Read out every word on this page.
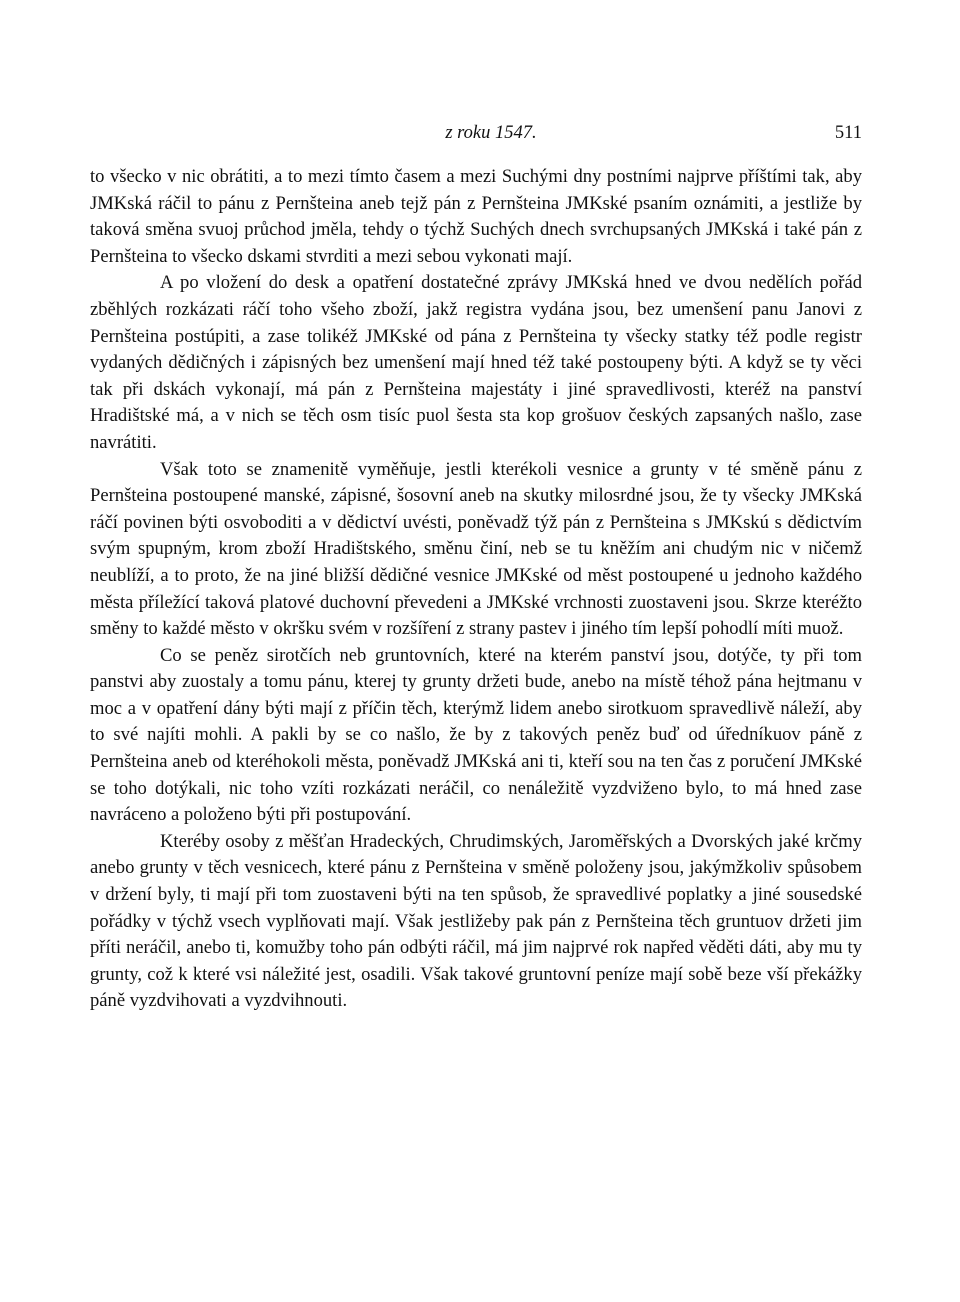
z roku 1547.	511

to všecko v nic obrátiti, a to mezi tímto časem a mezi Suchými dny postními najprve příštími tak, aby JMKská ráčil to pánu z Pernšteina aneb tejž pán z Pernšteina JMKské psaním oznámiti, a jestliže by taková směna svuoj průchod jměla, tehdy o týchž Suchých dnech svrchupsaných JMKská i také pán z Pernšteina to všecko dskami stvrditi a mezi sebou vykonati mají.

A po vložení do desk a opatření dostatečné zprávy JMKská hned ve dvou nedělích pořád zběhlých rozkázati ráčí toho všeho zboží, jakž registra vydána jsou, bez umenšení panu Janovi z Pernšteina postúpiti, a zase tolikéž JMKské od pána z Pernšteina ty všecky statky též podle registr vydaných dědičných i zápisných bez umenšení mají hned též také postoupeny býti. A když se ty věci tak při dskách vykonají, má pán z Pernšteina majestáty i jiné spravedlivosti, kteréž na panství Hradištské má, a v nich se těch osm tisíc puol šesta sta kop grošuov českých zapsaných našlo, zase navrátiti.

Však toto se znamenitě vyměňuje, jestli kterékoli vesnice a grunty v té směně pánu z Pernšteina postoupené manské, zápisné, šosovní aneb na skutky milosrdné jsou, že ty všecky JMKská ráčí povinen býti osvoboditi a v dědictví uvésti, poněvadž týž pán z Pernšteina s JMKskú s dědictvím svým spupným, krom zboží Hradištského, směnu činí, neb se tu kněžím ani chudým nic v ničemž neublíží, a to proto, že na jiné bližší dědičné vesnice JMKské od měst postoupené u jednoho každého města příležící taková platové duchovní převedeni a JMKské vrchnosti zuostaveni jsou. Skrze kteréžto směny to každé město v okršku svém v rozšíření z strany pastev i jiného tím lepší pohodlí míti muož.

Co se peněz sirotčích neb gruntovních, které na kterém panství jsou, dotýče, ty při tom panstvi aby zuostaly a tomu pánu, kterej ty grunty držeti bude, anebo na místě téhož pána hejtmanu v moc a v opatření dány býti mají z příčin těch, kterýmž lidem anebo sirotkuom spravedlivě náleží, aby to své najíti mohli. A pakli by se co našlo, že by z takových peněz buď od úředníkuov páně z Pernšteina aneb od kteréhokoli města, poněvadž JMKská ani ti, kteří sou na ten čas z poručení JMKské se toho dotýkali, nic toho vzíti rozkázati neráčil, co nenáležitě vyzdviženo bylo, to má hned zase navráceno a položeno býti při postupování.

Kteréby osoby z měšťan Hradeckých, Chrudimských, Jaroměřských a Dvorských jaké krčmy anebo grunty v těch vesnicech, které pánu z Pernšteina v směně položeny jsou, jakýmžkoliv spůsobem v držení byly, ti mají při tom zuostaveni býti na ten spůsob, že spravedlivé poplatky a jiné sousedské pořádky v týchž vsech vyplňovati mají. Však jestližeby pak pán z Pernšteina těch gruntuov držeti jim příti neráčil, anebo ti, komužby toho pán odbýti ráčil, má jim najprvé rok napřed věděti dáti, aby mu ty grunty, což k které vsi náležité jest, osadili. Však takové gruntovní peníze mají sobě beze vší překážky páně vyzdvihovati a vyzdvihnouti.
